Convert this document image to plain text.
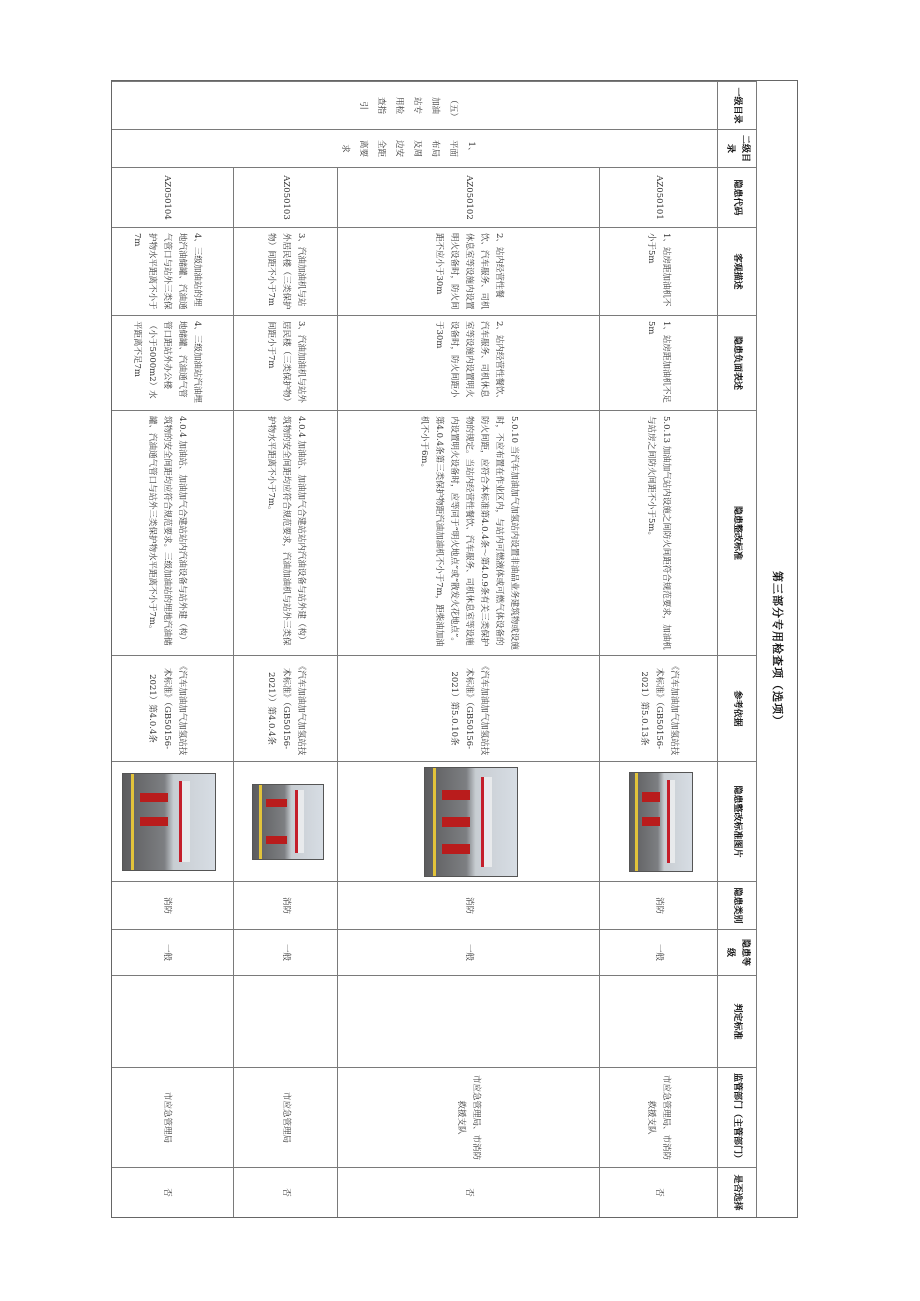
第三部分专用检查项（选项）
一级目录	二级目录	隐患代码	客观描述	隐患负面表述	隐患整改标准	参考依据	隐患整改标准图片	隐患类别	隐患等级	判定标准	监管部门（主管部门）	是否选择
（五）加油站专用检查指引	1、平面布局及周边安全距离要求	AZ050101	1、站房距加油机不小于5m	1、站房距加油机不足5m	5.0.13 加油加气站内设施之间防火间距符合规范要求，加油机与站房之间防火间距不小于5m。	《汽车加油加气加氢站技术标准》（GB50156-2021）第5.0.13条		消防	一般		市应急管理局、市消防救援支队	否
		AZ050102	2、站内经营性餐饮、汽车服务、司机休息室等设施内设置明火设备时，防火间距不应小于30m	2、站内经营性餐饮、汽车服务、司机休息室等设施内设置明火设备时，防火间距小于30m	5.0.10 当汽车加油加气加氢站内设置非油品业务建筑物或设施时，不应布置在作业区内，与站内可燃液体或可燃气体设备的防火间距，应符合本标准第4.0.4条～第4.0.9条有关三类保护物的规定。当站内经营性餐饮、汽车服务、司机休息室等设施内设置明火设备时，应等同于“明火地点”或“散发火花地点”。第4.0.4条第三类保护物距汽油加油机不小于7m，距柴油加油机不小于6m。	《汽车加油加气加氢站技术标准》（GB50156-2021）第5.0.10条		消防	一般		市应急管理局、市消防救援支队	否
		AZ050103	3、汽油加油机与站外居民楼（三类保护物）间距不小于7m	3、汽油加油机与站外居民楼（三类保护物）间距小于7m	4.0.4 加油站、加油加气合建站站内汽油设备与站外建（构）筑物的安全间距均应符合规范要求，汽油加油机与站外三类保护物水平距离不小于7m。	《汽车加油加气加氢站技术标准》（GB50156-2021））第4.0.4条		消防	一般		市应急管理局	否
		AZ050104	4、三级加油站的埋地汽油储罐、汽油通气管口与站外三类保护物水平距离不小于7m	4、三级加油站汽油埋地储罐、汽油通气管管口距站外办公楼（小于5000m2）水平距离不足7m	4.0.4 加油站、加油加气合建站站内汽油设备与站外建（构）筑物的安全间距均应符合规范要求。三级加油站的埋地汽油储罐、汽油通气管口与站外三类保护物水平距离不小于7m。	《汽车加油加气加氢站技术标准》（GB50156-2021）第4.0.4条		消防	一般		市应急管理局	否
